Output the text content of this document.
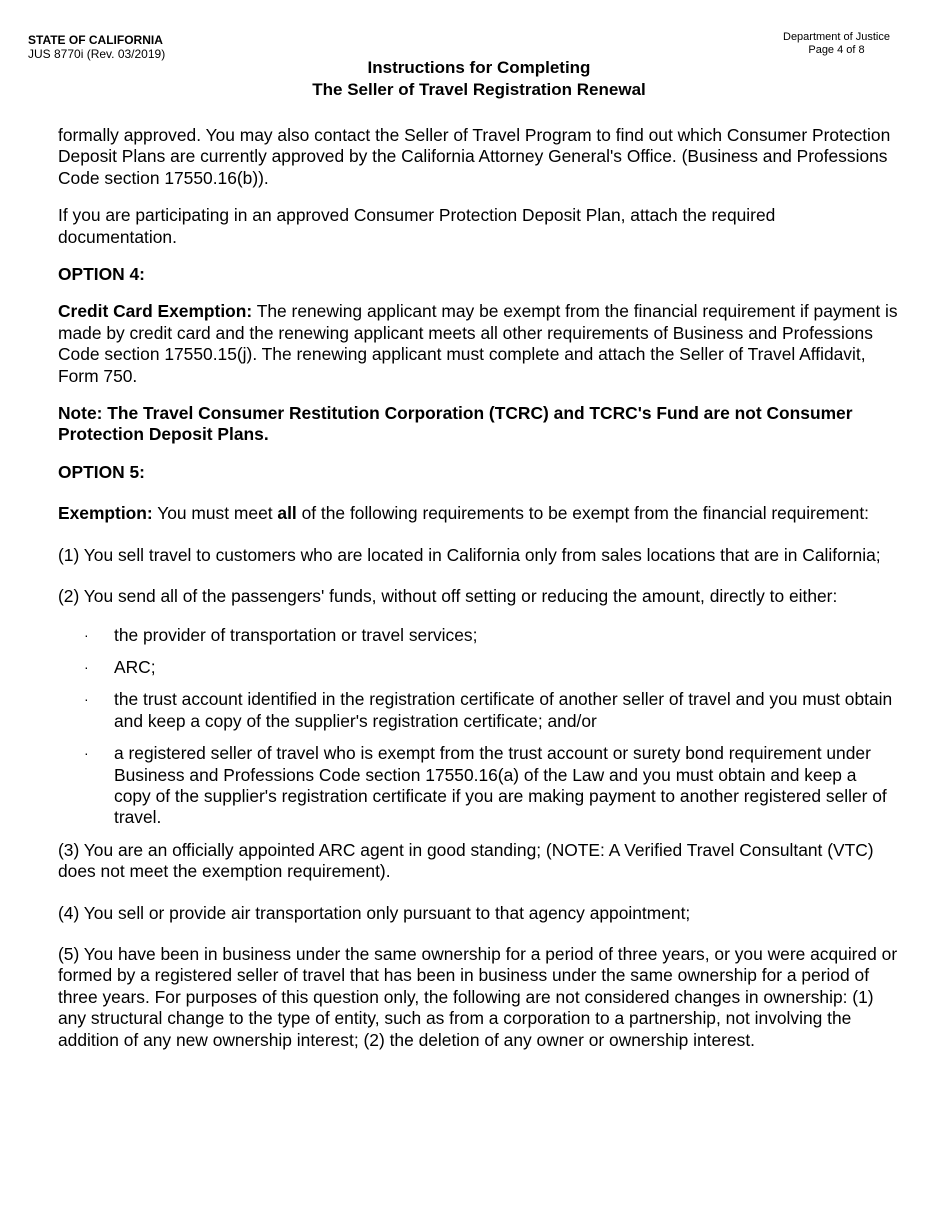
STATE OF CALIFORNIA
JUS 8770i (Rev. 03/2019)
Department of Justice
Page 4 of 8
Instructions for Completing
The Seller of Travel Registration Renewal

formally approved. You may also contact the Seller of Travel Program to find out which Consumer Protection Deposit Plans are currently approved by the California Attorney General's Office. (Business and Professions Code section 17550.16(b)).

If you are participating in an approved Consumer Protection Deposit Plan, attach the required documentation.

OPTION 4:

Credit Card Exemption: The renewing applicant may be exempt from the financial requirement if payment is made by credit card and the renewing applicant meets all other requirements of Business and Professions Code section 17550.15(j). The renewing applicant must complete and attach the Seller of Travel Affidavit, Form 750.

Note: The Travel Consumer Restitution Corporation (TCRC) and TCRC's Fund are not Consumer Protection Deposit Plans.

OPTION 5:

Exemption: You must meet all of the following requirements to be exempt from the financial requirement:

(1) You sell travel to customers who are located in California only from sales locations that are in California;

(2) You send all of the passengers' funds, without off setting or reducing the amount, directly to either:

· the provider of transportation or travel services;
· ARC;
· the trust account identified in the registration certificate of another seller of travel and you must obtain and keep a copy of the supplier's registration certificate; and/or
· a registered seller of travel who is exempt from the trust account or surety bond requirement under Business and Professions Code section 17550.16(a) of the Law and you must obtain and keep a copy of the supplier's registration certificate if you are making payment to another registered seller of travel.

(3) You are an officially appointed ARC agent in good standing; (NOTE: A Verified Travel Consultant (VTC) does not meet the exemption requirement).

(4) You sell or provide air transportation only pursuant to that agency appointment;

(5) You have been in business under the same ownership for a period of three years, or you were acquired or formed by a registered seller of travel that has been in business under the same ownership for a period of three years. For purposes of this question only, the following are not considered changes in ownership: (1) any structural change to the type of entity, such as from a corporation to a partnership, not involving the addition of any new ownership interest; (2) the deletion of any owner or ownership interest.
